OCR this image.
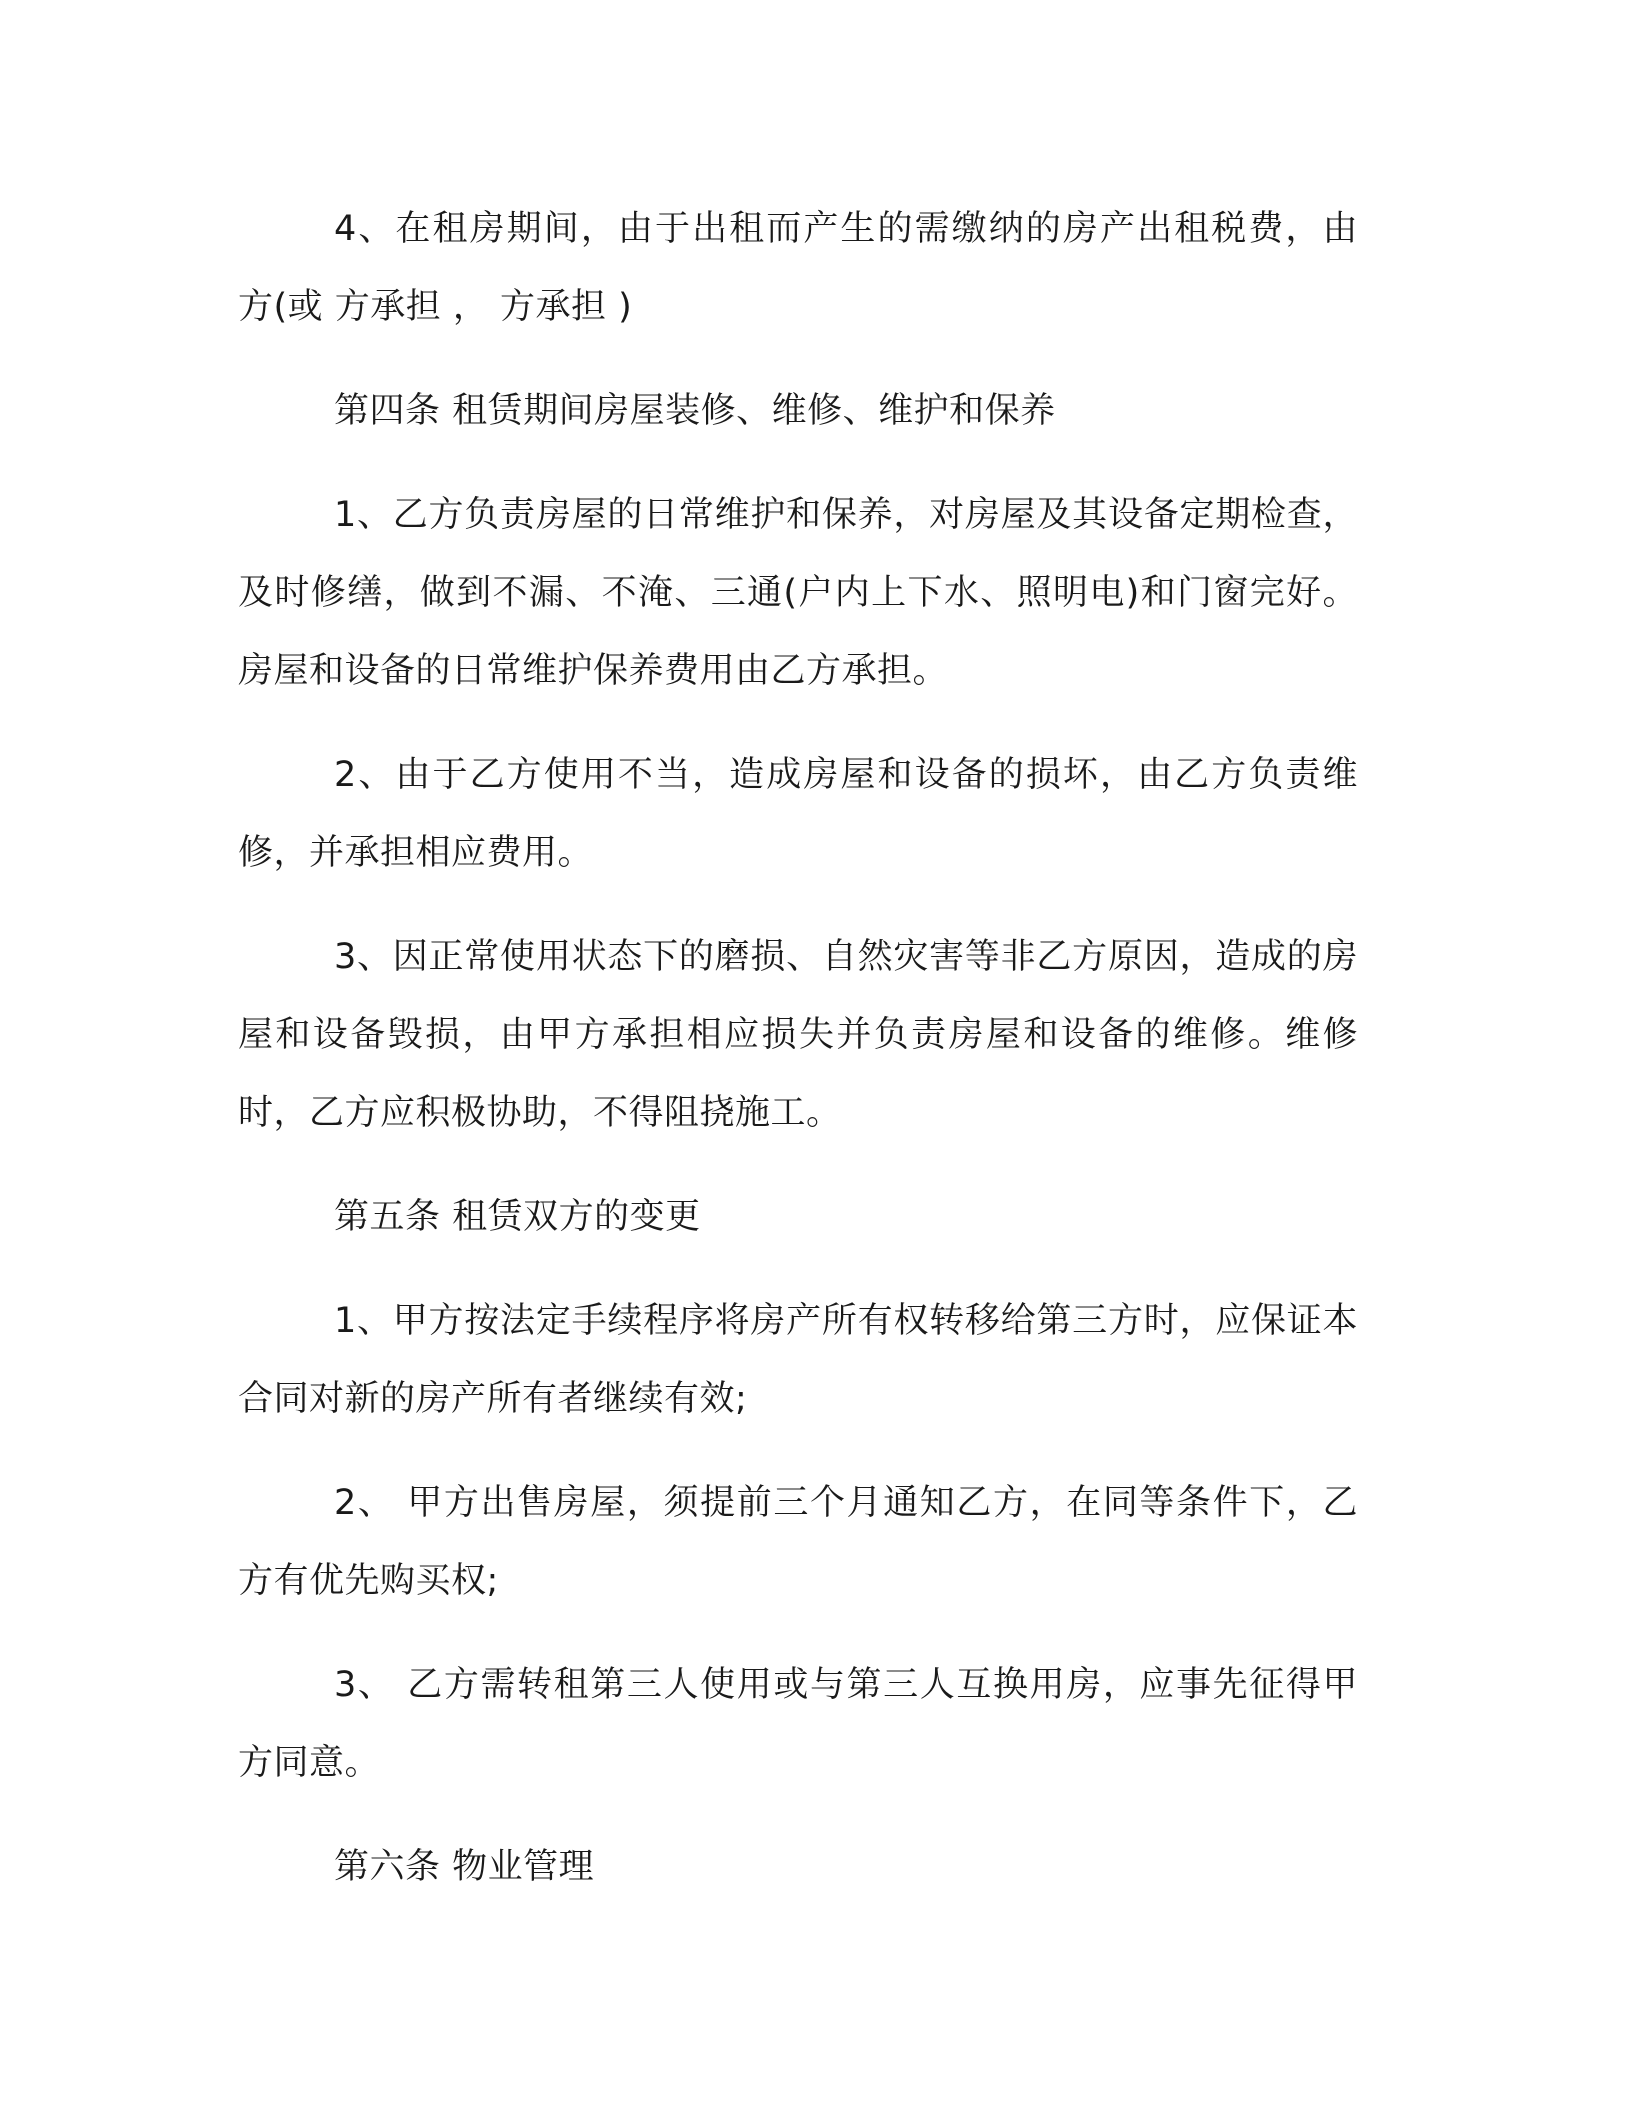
4、在租房期间，由于出租而产生的需缴纳的房产出租税费，由 方(或 方承担 ， 方承担 )

第四条 租赁期间房屋装修、维修、维护和保养

1、乙方负责房屋的日常维护和保养，对房屋及其设备定期检查，及时修缮，做到不漏、不淹、三通(户内上下水、照明电)和门窗完好。房屋和设备的日常维护保养费用由乙方承担。

2、由于乙方使用不当，造成房屋和设备的损坏，由乙方负责维修，并承担相应费用。

3、因正常使用状态下的磨损、自然灾害等非乙方原因，造成的房屋和设备毁损，由甲方承担相应损失并负责房屋和设备的维修。维修时，乙方应积极协助，不得阻挠施工。

第五条 租赁双方的变更

1、甲方按法定手续程序将房产所有权转移给第三方时，应保证本合同对新的房产所有者继续有效;

2、 甲方出售房屋，须提前三个月通知乙方，在同等条件下，乙方有优先购买权;

3、 乙方需转租第三人使用或与第三人互换用房，应事先征得甲方同意。

第六条 物业管理
